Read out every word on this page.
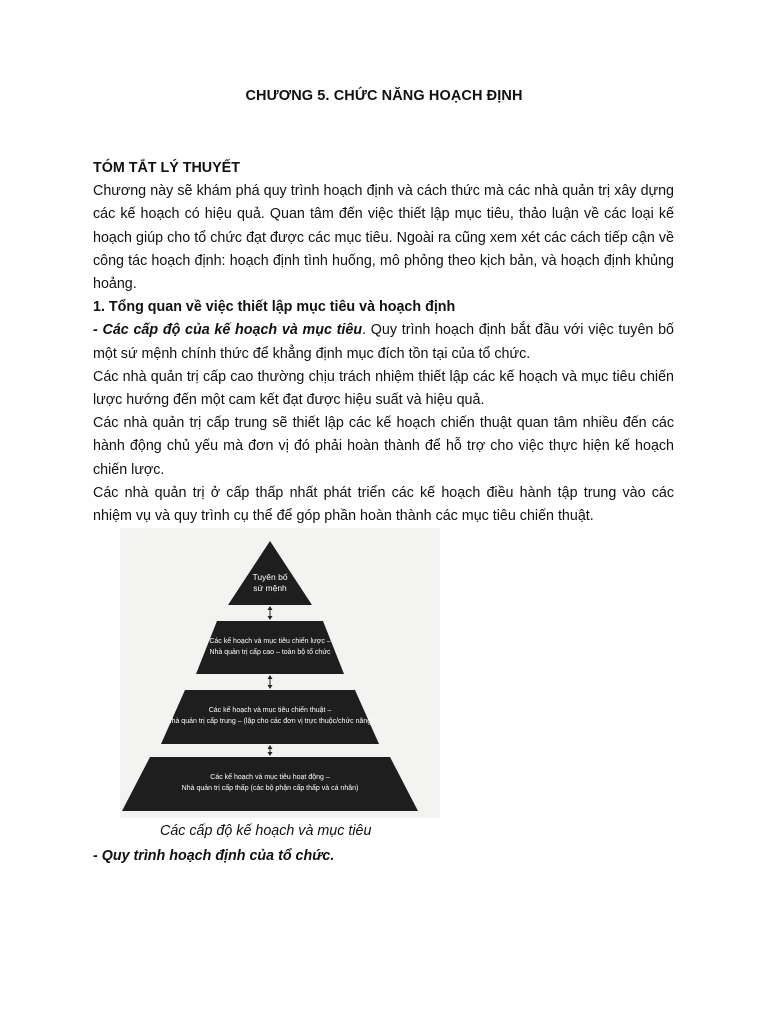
CHƯƠNG 5. CHỨC NĂNG HOẠCH ĐỊNH

TÓM TẮT LÝ THUYẾT

Chương này sẽ khám phá quy trình hoạch định và cách thức mà các nhà quản trị xây dựng các kế hoạch có hiệu quả. Quan tâm đến việc thiết lập mục tiêu, thảo luận về các loại kế hoạch giúp cho tổ chức đạt được các mục tiêu. Ngoài ra cũng xem xét các cách tiếp cận về công tác hoạch định: hoạch định tình huống, mô phỏng theo kịch bản, và hoạch định khủng hoảng.

1. Tổng quan về việc thiết lập mục tiêu và hoạch định

- Các cấp độ của kế hoạch và mục tiêu. Quy trình hoạch định bắt đầu với việc tuyên bố một sứ mệnh chính thức để khẳng định mục đích tồn tại của tổ chức.

Các nhà quản trị cấp cao thường chịu trách nhiệm thiết lập các kế hoạch và mục tiêu chiến lược hướng đến một cam kết đạt được hiệu suất và hiệu quả.

Các nhà quản trị cấp trung sẽ thiết lập các kế hoạch chiến thuật quan tâm nhiều đến các hành động chủ yếu mà đơn vị đó phải hoàn thành để hỗ trợ cho việc thực hiện kế hoạch chiến lược.

Các nhà quản trị ở cấp thấp nhất phát triển các kế hoạch điều hành tập trung vào các nhiệm vụ và quy trình cụ thể để góp phần hoàn thành các mục tiêu chiến thuật.

Tuyên bố
sứ mệnh
Các kế hoạch và mục tiêu chiến lược –
Nhà quản trị cấp cao – toàn bộ tổ chức
Các kế hoạch và mục tiêu chiến thuật –
Nhà quản trị cấp trung – (lập cho các đơn vị trực thuộc/chức năng)
Các kế hoạch và mục tiêu hoạt động –
Nhà quản trị cấp thấp (các bộ phận cấp thấp và cá nhân)
Các cấp độ kế hoạch và mục tiêu
- Quy trình hoạch định của tổ chức.
